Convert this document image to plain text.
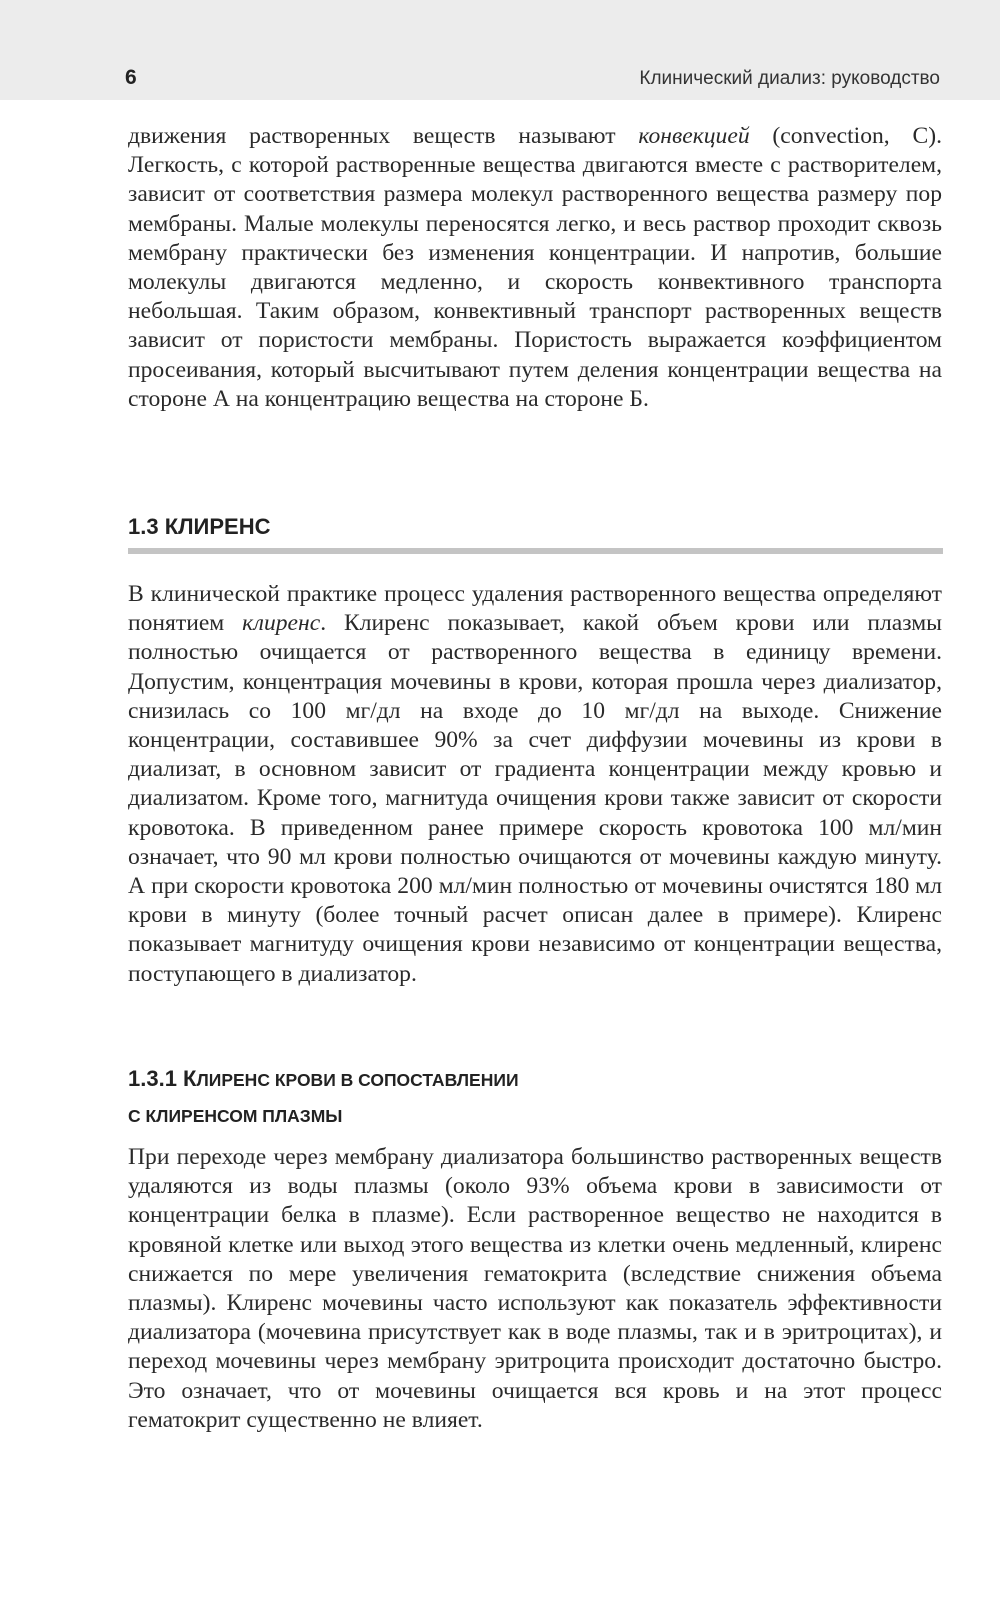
6	Клинический диализ: руководство

движения растворенных веществ называют конвекцией (convection, C). Легкость, с которой растворенные вещества двигаются вместе с растворителем, зависит от соответствия размера молекул растворенного вещества размеру пор мембраны. Малые молекулы переносятся легко, и весь раствор проходит сквозь мембрану практически без изменения концентрации. И напротив, большие молекулы двигаются медленно, и скорость конвективного транспорта небольшая. Таким образом, конвективный транспорт растворенных веществ зависит от пористости мембраны. Пористость выражается коэффициентом просеивания, который высчитывают путем деления концентрации вещества на стороне А на концентрацию вещества на стороне Б.

1.3 КЛИРЕНС

В клинической практике процесс удаления растворенного вещества определяют понятием клиренс. Клиренс показывает, какой объем крови или плазмы полностью очищается от растворенного вещества в единицу времени. Допустим, концентрация мочевины в крови, которая прошла через диализатор, снизилась со 100 мг/дл на входе до 10 мг/дл на выходе. Снижение концентрации, составившее 90% за счет диффузии мочевины из крови в диализат, в основном зависит от градиента концентрации между кровью и диализатом. Кроме того, магнитуда очищения крови также зависит от скорости кровотока. В приведенном ранее примере скорость кровотока 100 мл/мин означает, что 90 мл крови полностью очищаются от мочевины каждую минуту. А при скорости кровотока 200 мл/мин полностью от мочевины очистятся 180 мл крови в минуту (более точный расчет описан далее в примере). Клиренс показывает магнитуду очищения крови независимо от концентрации вещества, поступающего в диализатор.

1.3.1 КЛИРЕНС КРОВИ В СОПОСТАВЛЕНИИ
С КЛИРЕНСОМ ПЛАЗМЫ

При переходе через мембрану диализатора большинство растворенных веществ удаляются из воды плазмы (около 93% объема крови в зависимости от концентрации белка в плазме). Если растворенное вещество не находится в кровяной клетке или выход этого вещества из клетки очень медленный, клиренс снижается по мере увеличения гематокрита (вследствие снижения объема плазмы). Клиренс мочевины часто используют как показатель эффективности диализатора (мочевина присутствует как в воде плазмы, так и в эритроцитах), и переход мочевины через мембрану эритроцита происходит достаточно быстро. Это означает, что от мочевины очищается вся кровь и на этот процесс гематокрит существенно не влияет.
